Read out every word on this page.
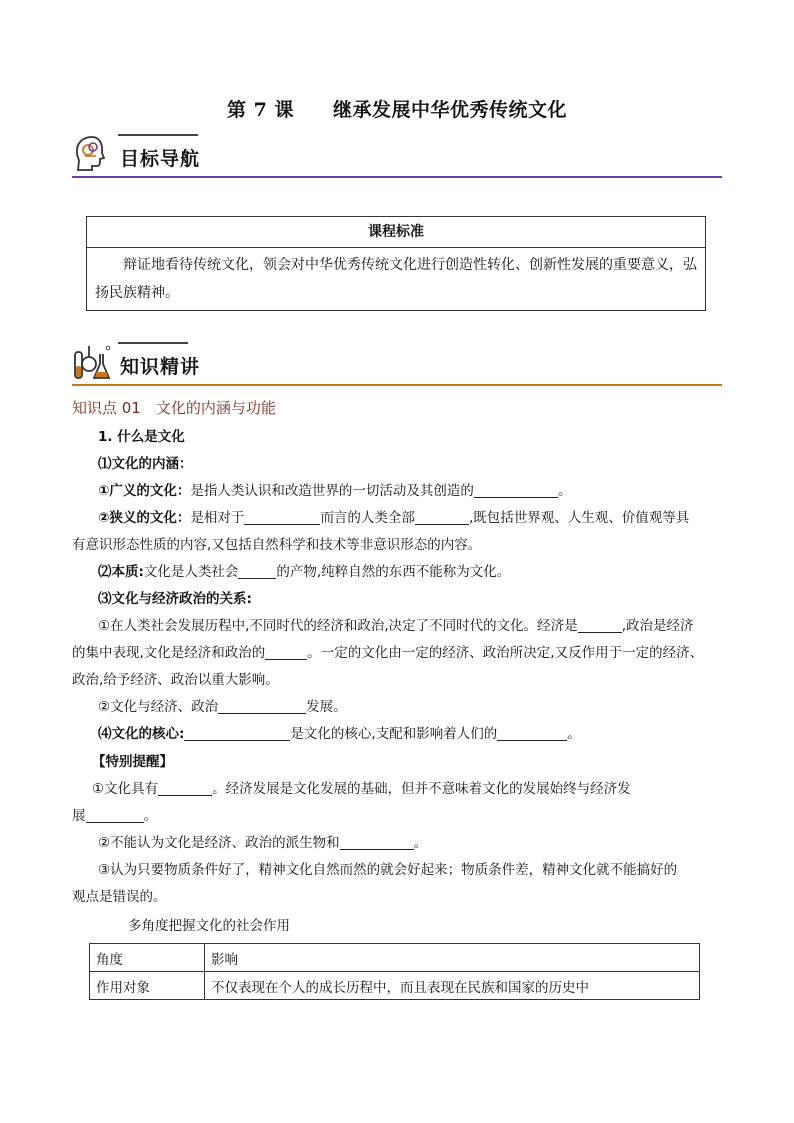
第 7 课　　继承发展中华优秀传统文化
目标导航
课程标准
辩证地看待传统文化，领会对中华优秀传统文化进行创造性转化、创新性发展的重要意义，弘扬民族精神。
知识精讲
知识点 01　文化的内涵与功能
1. 什么是文化
⑴文化的内涵：
①广义的文化：是指人类认识和改造世界的一切活动及其创造的	。
②狭义的文化：是相对于	而言的人类全部	,既包括世界观、人生观、价值观等具
有意识形态性质的内容,又包括自然科学和技术等非意识形态的内容。
⑵本质:文化是人类社会	的产物,纯粹自然的东西不能称为文化。
⑶文化与经济政治的关系:
①在人类社会发展历程中,不同时代的经济和政治,决定了不同时代的文化。经济是	,政治是经济
的集中表现,文化是经济和政治的	。一定的文化由一定的经济、政治所决定,又反作用于一定的经济、
政治,给予经济、政治以重大影响。
②文化与经济、政治	发展。
⑷文化的核心:	是文化的核心,支配和影响着人们的	。
【特别提醒】
①文化具有	。经济发展是文化发展的基础，但并不意味着文化的发展始终与经济发
展	。
②不能认为文化是经济、政治的派生物和	。
③认为只要物质条件好了，精神文化自然而然的就会好起来；物质条件差，精神文化就不能搞好的
观点是错误的。
多角度把握文化的社会作用
角度	影响
作用对象	不仅表现在个人的成长历程中，而且表现在民族和国家的历史中
